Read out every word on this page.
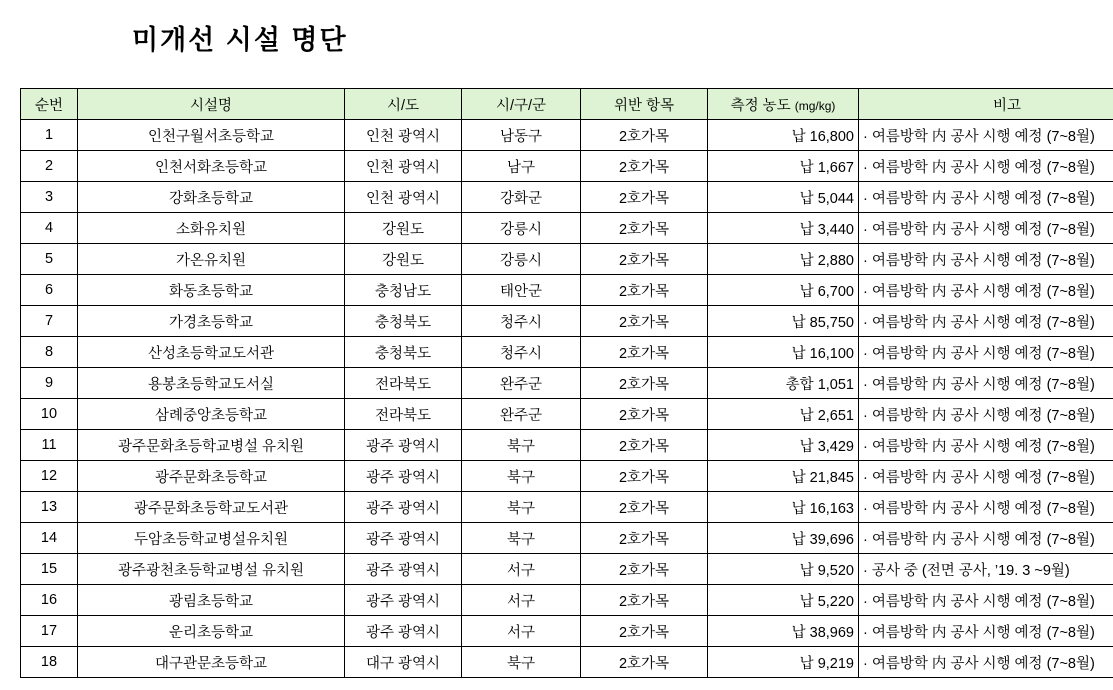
미개선 시설 명단
순번	시설명	시/도	시/구/군	위반 항목	측정 농도 (mg/kg)	비고
1	인천구월서초등학교	인천 광역시	남동구	2호가목	납 16,800	· 여름방학 内 공사 시행 예정 (7~8월)
2	인천서화초등학교	인천 광역시	남구	2호가목	납 1,667	· 여름방학 内 공사 시행 예정 (7~8월)
3	강화초등학교	인천 광역시	강화군	2호가목	납 5,044	· 여름방학 内 공사 시행 예정 (7~8월)
4	소화유치원	강원도	강릉시	2호가목	납 3,440	· 여름방학 内 공사 시행 예정 (7~8월)
5	가온유치원	강원도	강릉시	2호가목	납 2,880	· 여름방학 内 공사 시행 예정 (7~8월)
6	화동초등학교	충청남도	태안군	2호가목	납 6,700	· 여름방학 内 공사 시행 예정 (7~8월)
7	가경초등학교	충청북도	청주시	2호가목	납 85,750	· 여름방학 内 공사 시행 예정 (7~8월)
8	산성초등학교도서관	충청북도	청주시	2호가목	납 16,100	· 여름방학 内 공사 시행 예정 (7~8월)
9	용봉초등학교도서실	전라북도	완주군	2호가목	총합 1,051	· 여름방학 内 공사 시행 예정 (7~8월)
10	삼례중앙초등학교	전라북도	완주군	2호가목	납 2,651	· 여름방학 内 공사 시행 예정 (7~8월)
11	광주문화초등학교병설 유치원	광주 광역시	북구	2호가목	납 3,429	· 여름방학 内 공사 시행 예정 (7~8월)
12	광주문화초등학교	광주 광역시	북구	2호가목	납 21,845	· 여름방학 内 공사 시행 예정 (7~8월)
13	광주문화초등학교도서관	광주 광역시	북구	2호가목	납 16,163	· 여름방학 内 공사 시행 예정 (7~8월)
14	두암초등학교병설유치원	광주 광역시	북구	2호가목	납 39,696	· 여름방학 内 공사 시행 예정 (7~8월)
15	광주광천초등학교병설 유치원	광주 광역시	서구	2호가목	납 9,520	· 공사 중 (전면 공사, ’19. 3 ~9월)
16	광림초등학교	광주 광역시	서구	2호가목	납 5,220	· 여름방학 内 공사 시행 예정 (7~8월)
17	운리초등학교	광주 광역시	서구	2호가목	납 38,969	· 여름방학 内 공사 시행 예정 (7~8월)
18	대구관문초등학교	대구 광역시	북구	2호가목	납 9,219	· 여름방학 内 공사 시행 예정 (7~8월)
